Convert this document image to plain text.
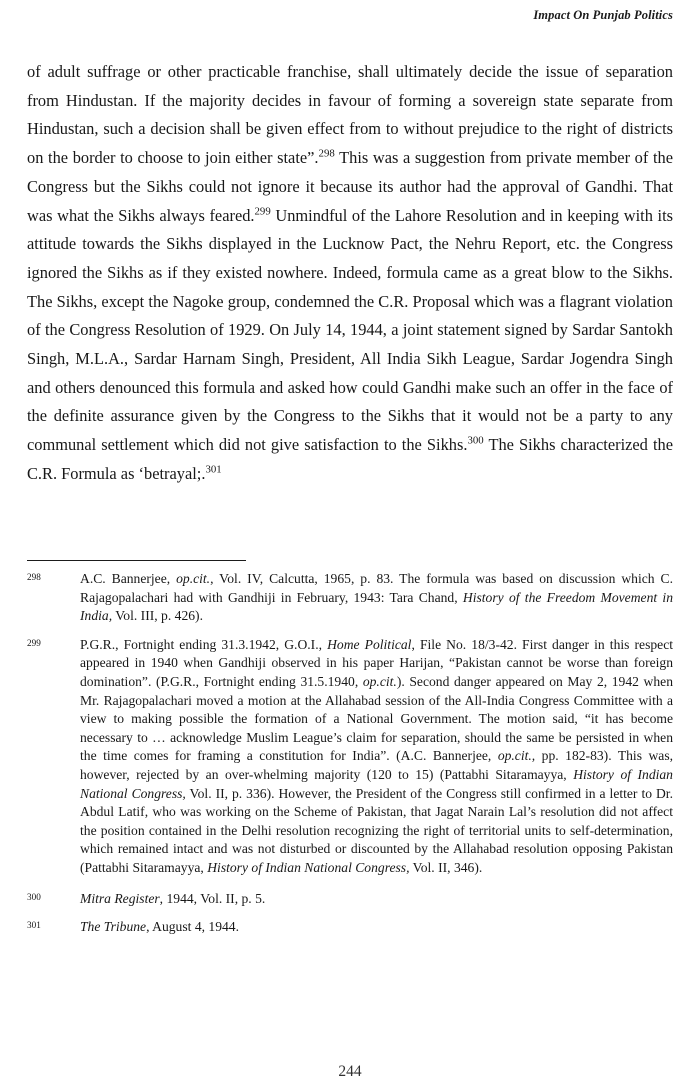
Impact On Punjab Politics

of adult suffrage or other practicable franchise, shall ultimately decide the issue of separation from Hindustan. If the majority decides in favour of forming a sovereign state separate from Hindustan, such a decision shall be given effect from to without prejudice to the right of districts on the border to choose to join either state”.$^{298}$ This was a suggestion from private member of the Congress but the Sikhs could not ignore it because its author had the approval of Gandhi. That was what the Sikhs always feared.$^{299}$ Unmindful of the Lahore Resolution and in keeping with its attitude towards the Sikhs displayed in the Lucknow Pact, the Nehru Report, etc. the Congress ignored the Sikhs as if they existed nowhere. Indeed, formula came as a great blow to the Sikhs. The Sikhs, except the Nagoke group, condemned the C.R. Proposal which was a flagrant violation of the Congress Resolution of 1929. On July 14, 1944, a joint statement signed by Sardar Santokh Singh, M.L.A., Sardar Harnam Singh, President, All India Sikh League, Sardar Jogendra Singh and others denounced this formula and asked how could Gandhi make such an offer in the face of the definite assurance given by the Congress to the Sikhs that it would not be a party to any communal settlement which did not give satisfaction to the Sikhs.$^{300}$ The Sikhs characterized the C.R. Formula as ‘betrayal;.$^{301}$

298	A.C. Bannerjee, op.cit., Vol. IV, Calcutta, 1965, p. 83. The formula was based on discussion which C. Rajagopalachari had with Gandhiji in February, 1943: Tara Chand, History of the Freedom Movement in India, Vol. III, p. 426).
299	P.G.R., Fortnight ending 31.3.1942, G.O.I., Home Political, File No. 18/3-42. First danger in this respect appeared in 1940 when Gandhiji observed in his paper Harijan, “Pakistan cannot be worse than foreign domination”. (P.G.R., Fortnight ending 31.5.1940, op.cit.). Second danger appeared on May 2, 1942 when Mr. Rajagopalachari moved a motion at the Allahabad session of the All-India Congress Committee with a view to making possible the formation of a National Government. The motion said, “it has become necessary to … acknowledge Muslim League’s claim for separation, should the same be persisted in when the time comes for framing a constitution for India”. (A.C. Bannerjee, op.cit., pp. 182-83). This was, however, rejected by an over-whelming majority (120 to 15) (Pattabhi Sitaramayya, History of Indian National Congress, Vol. II, p. 336). However, the President of the Congress still confirmed in a letter to Dr. Abdul Latif, who was working on the Scheme of Pakistan, that Jagat Narain Lal’s resolution did not affect the position contained in the Delhi resolution recognizing the right of territorial units to self-determination, which remained intact and was not disturbed or discounted by the Allahabad resolution opposing Pakistan (Pattabhi Sitaramayya, History of Indian National Congress, Vol. II, 346).
300	Mitra Register, 1944, Vol. II, p. 5.
301	The Tribune, August 4, 1944.
244
